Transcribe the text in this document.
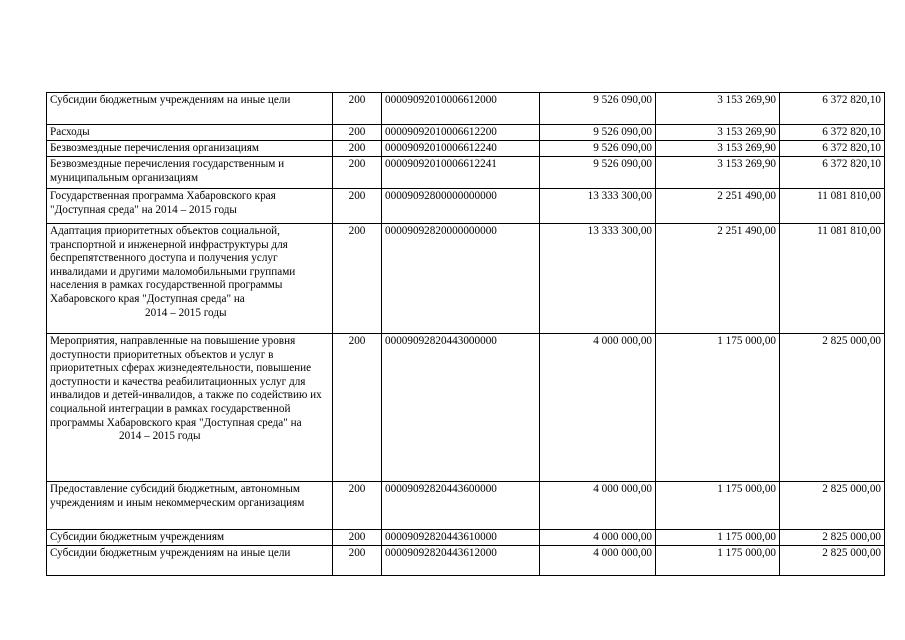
Субсидии бюджетным учреждениям на иные цели	200	00009092010006612000	9 526 090,00	3 153 269,90	6 372 820,10
Расходы	200	00009092010006612200	9 526 090,00	3 153 269,90	6 372 820,10
Безвозмездные перечисления организациям	200	00009092010006612240	9 526 090,00	3 153 269,90	6 372 820,10
Безвозмездные перечисления государственным и муниципальным организациям	200	00009092010006612241	9 526 090,00	3 153 269,90	6 372 820,10
Государственная программа Хабаровского края "Доступная среда" на 2014 – 2015 годы	200	00009092800000000000	13 333 300,00	2 251 490,00	11 081 810,00
Адаптация приоритетных объектов социальной, транспортной и инженерной инфраструктуры для беспрепятственного доступа и получения услуг инвалидами и другими маломобильными группами населения в рамках государственной программы Хабаровского края "Доступная среда" на2014 – 2015 годы	200	00009092820000000000	13 333 300,00	2 251 490,00	11 081 810,00
Мероприятия, направленные на повышение уровня доступности приоритетных объектов и услуг в приоритетных сферах жизнедеятельности, повышение доступности и качества реабилитационных услуг для инвалидов и детей-инвалидов, а также по содействию их социальной интеграции в рамках государственной программы Хабаровского края "Доступная среда" на2014 – 2015 годы	200	00009092820443000000	4 000 000,00	1 175 000,00	2 825 000,00
Предоставление субсидий бюджетным, автономным учреждениям и иным некоммерческим организациям	200	00009092820443600000	4 000 000,00	1 175 000,00	2 825 000,00
Субсидии бюджетным учреждениям	200	00009092820443610000	4 000 000,00	1 175 000,00	2 825 000,00
Субсидии бюджетным учреждениям на иные цели	200	00009092820443612000	4 000 000,00	1 175 000,00	2 825 000,00
